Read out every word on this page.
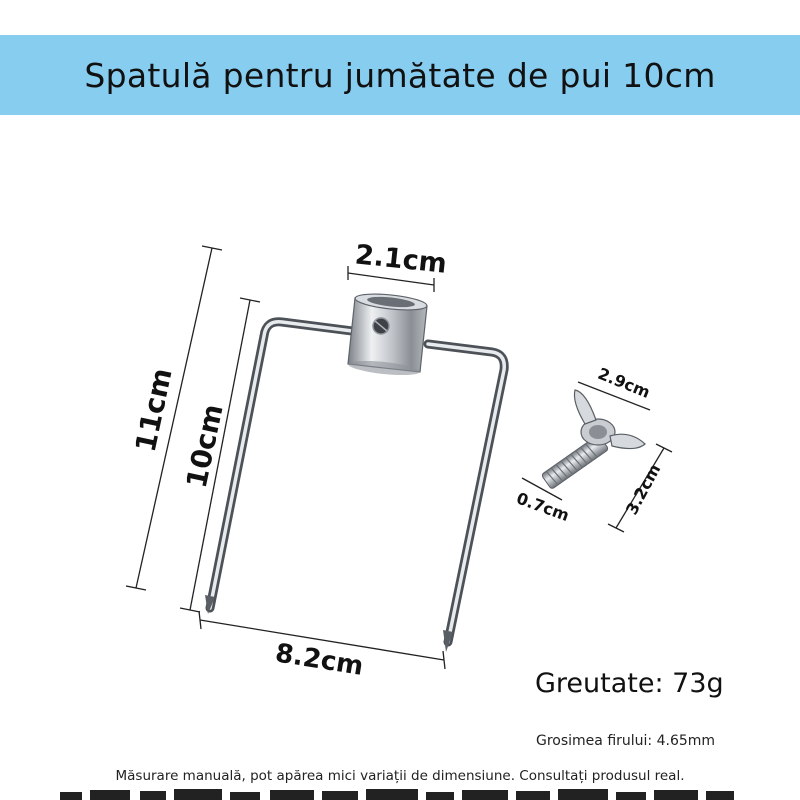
Spatulă pentru jumătate de pui 10cm
2.1cm
11cm 10cm
8.2cm
2.9cm
0.7cm	3.2cm
Greutate: 73g
Grosimea firului: 4.65mm
Măsurare manuală, pot apărea mici variații de dimensiune. Consultați produsul real.
